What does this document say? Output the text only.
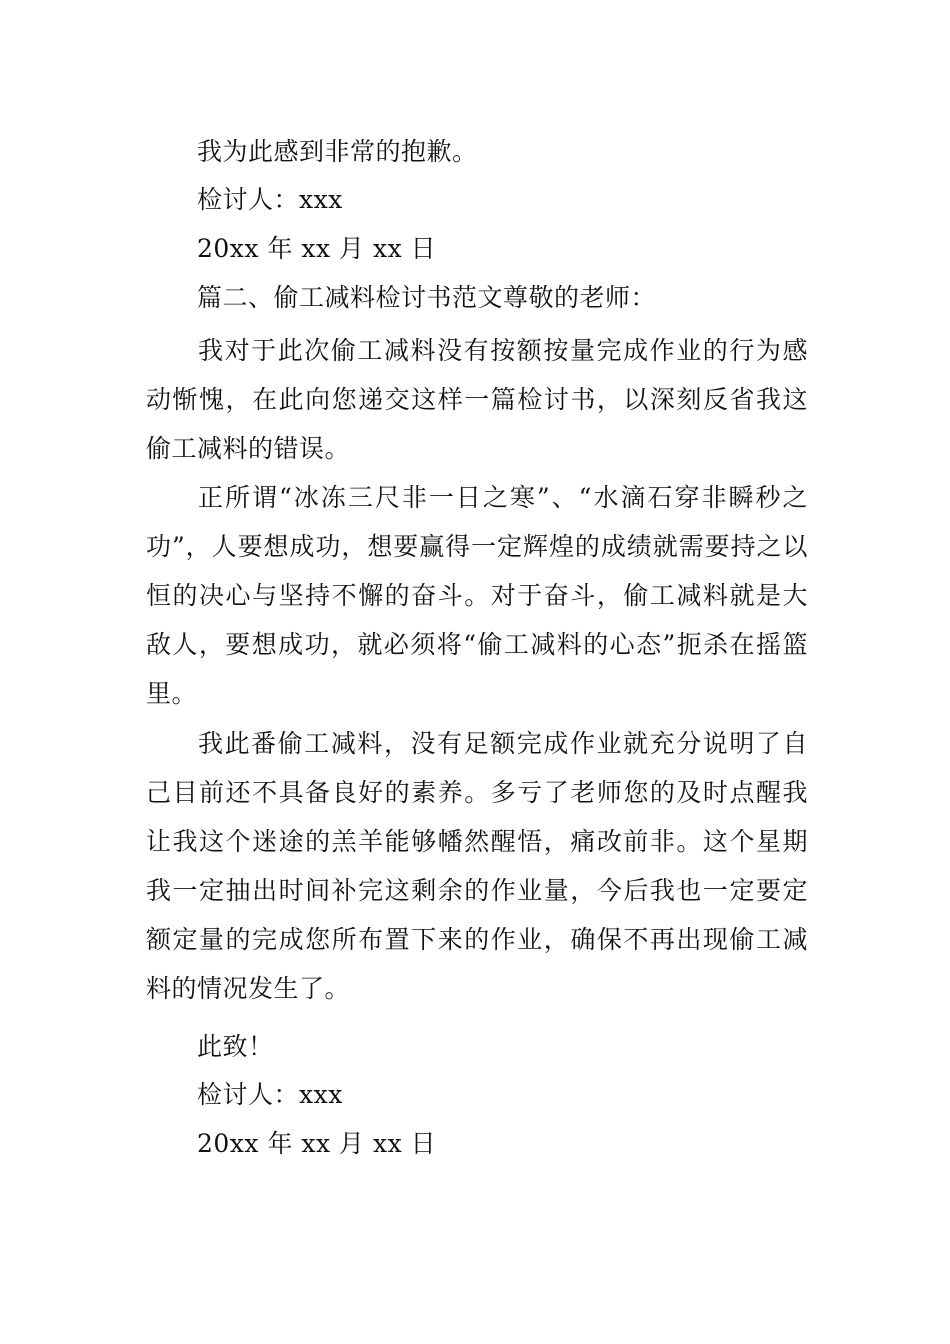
我为此感到非常的抱歉。
检讨人：xxx
20xx 年 xx 月 xx 日
篇二、偷工减料检讨书范文尊敬的老师：

我对于此次偷工减料没有按额按量完成作业的行为感动惭愧，在此向您递交这样一篇检讨书，以深刻反省我这偷工减料的错误。

正所谓“冰冻三尺非一日之寒”、“水滴石穿非瞬秒之功”，人要想成功，想要赢得一定辉煌的成绩就需要持之以恒的决心与坚持不懈的奋斗。对于奋斗，偷工减料就是大敌人，要想成功，就必须将“偷工减料的心态”扼杀在摇篮里。

我此番偷工减料，没有足额完成作业就充分说明了自己目前还不具备良好的素养。多亏了老师您的及时点醒我让我这个迷途的羔羊能够幡然醒悟，痛改前非。这个星期我一定抽出时间补完这剩余的作业量，今后我也一定要定额定量的完成您所布置下来的作业，确保不再出现偷工减料的情况发生了。

此致！
检讨人：xxx
20xx 年 xx 月 xx 日
